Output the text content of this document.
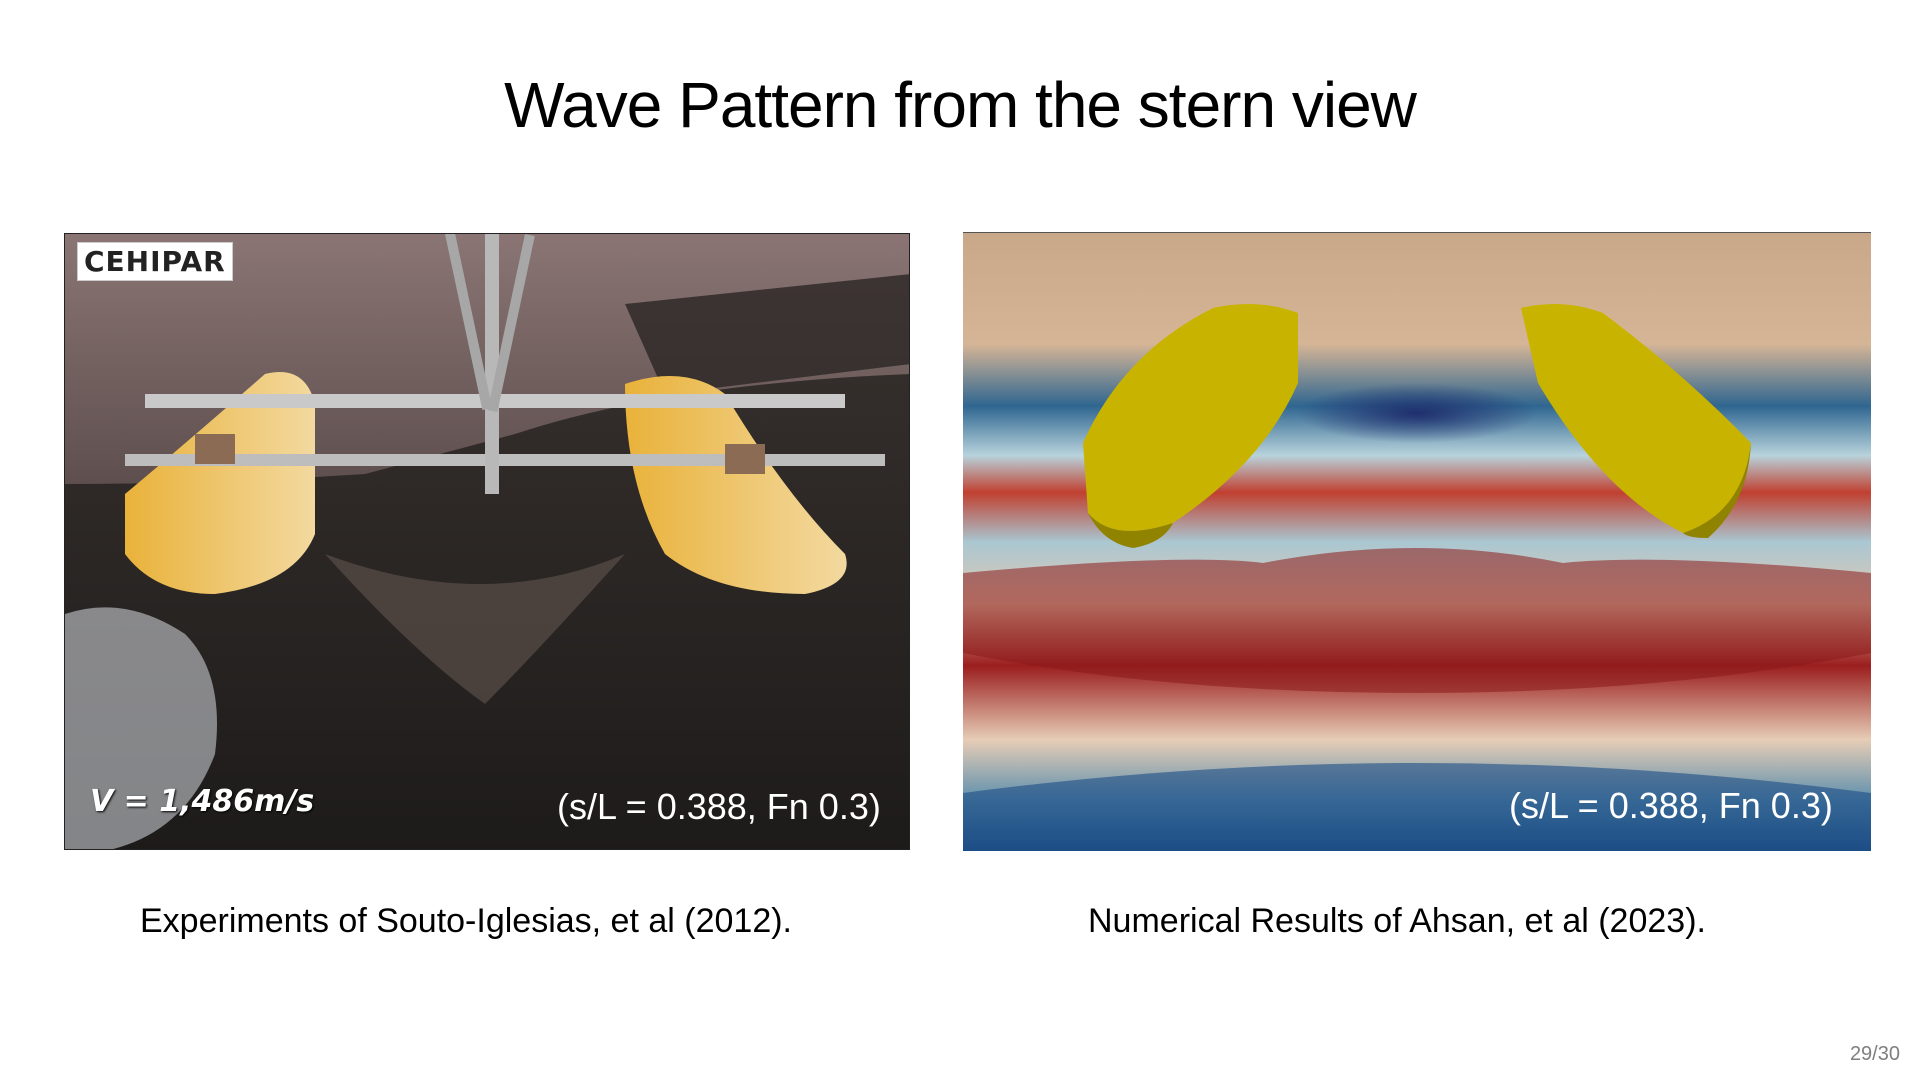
Wave Pattern from the stern view
CEHIPAR
V = 1,486m/s	(s/L = 0.388, Fn 0.3)	(s/L = 0.388, Fn 0.3)
Experiments of Souto-Iglesias, et al (2012).	Numerical Results of Ahsan, et al (2023).
29/30
